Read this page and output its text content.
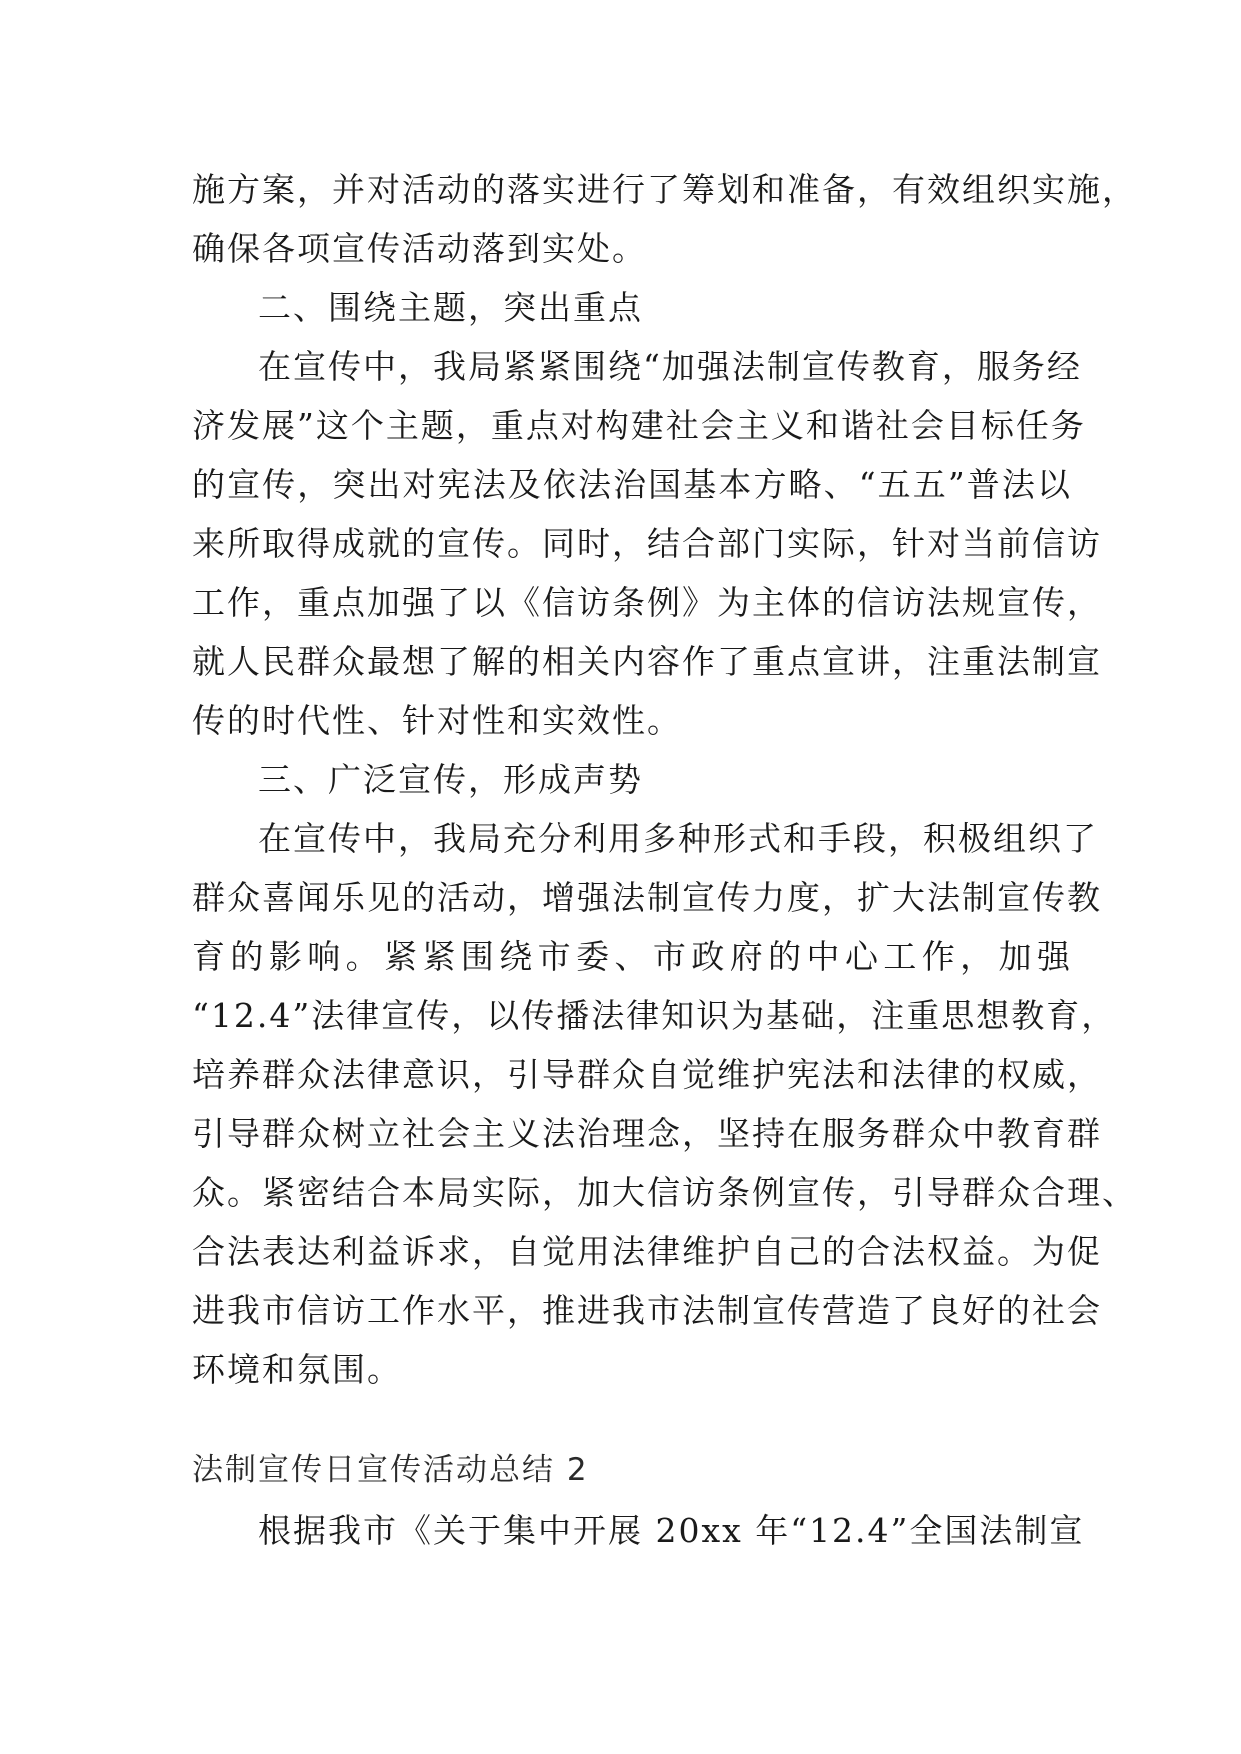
施方案，并对活动的落实进行了筹划和准备，有效组织实施，
确保各项宣传活动落到实处。
二、围绕主题，突出重点
在宣传中，我局紧紧围绕“加强法制宣传教育，服务经
济发展”这个主题，重点对构建社会主义和谐社会目标任务
的宣传，突出对宪法及依法治国基本方略、“五五”普法以
来所取得成就的宣传。同时，结合部门实际，针对当前信访
工作，重点加强了以《信访条例》为主体的信访法规宣传，
就人民群众最想了解的相关内容作了重点宣讲，注重法制宣
传的时代性、针对性和实效性。
三、广泛宣传，形成声势
在宣传中，我局充分利用多种形式和手段，积极组织了
群众喜闻乐见的活动，增强法制宣传力度，扩大法制宣传教
育的影响。紧紧围绕市委、市政府的中心工作，加强
“12.4”法律宣传，以传播法律知识为基础，注重思想教育，
培养群众法律意识，引导群众自觉维护宪法和法律的权威，
引导群众树立社会主义法治理念，坚持在服务群众中教育群
众。紧密结合本局实际，加大信访条例宣传，引导群众合理、
合法表达利益诉求，自觉用法律维护自己的合法权益。为促
进我市信访工作水平，推进我市法制宣传营造了良好的社会
环境和氛围。
法制宣传日宣传活动总结 2
根据我市《关于集中开展 20xx 年“12.4”全国法制宣
